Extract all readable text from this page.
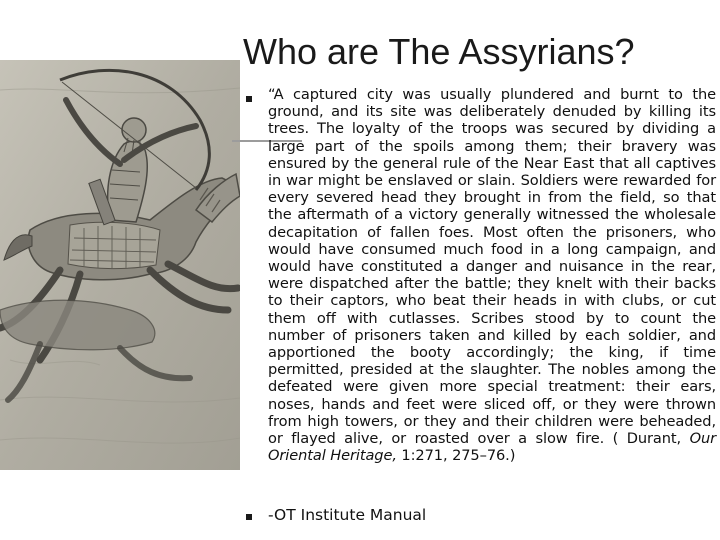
Who are The Assyrians?
“A captured city was usually plundered and burnt to the ground, and its site was deliberately denuded by killing its trees. The loyalty of the troops was secured by dividing a large part of the spoils among them; their bravery was ensured by the general rule of the Near East that all captives in war might be enslaved or slain. Soldiers were rewarded for every severed head they brought in from the field, so that the aftermath of a victory generally witnessed the wholesale decapitation of fallen foes. Most often the prisoners, who would have consumed much food in a long campaign, and would have constituted a danger and nuisance in the rear, were dispatched after the battle; they knelt with their backs to their captors, who beat their heads in with clubs, or cut them off with cutlasses. Scribes stood by to count the number of prisoners taken and killed by each soldier, and apportioned the booty accordingly; the king, if time permitted, presided at the slaughter. The nobles among the defeated were given more special treatment: their ears, noses, hands and feet were sliced off, or they were thrown from high towers, or they and their children were beheaded, or flayed alive, or roasted over a slow fire. ( Durant, Our Oriental Heritage, 1:271, 275–76.)
-OT Institute Manual
